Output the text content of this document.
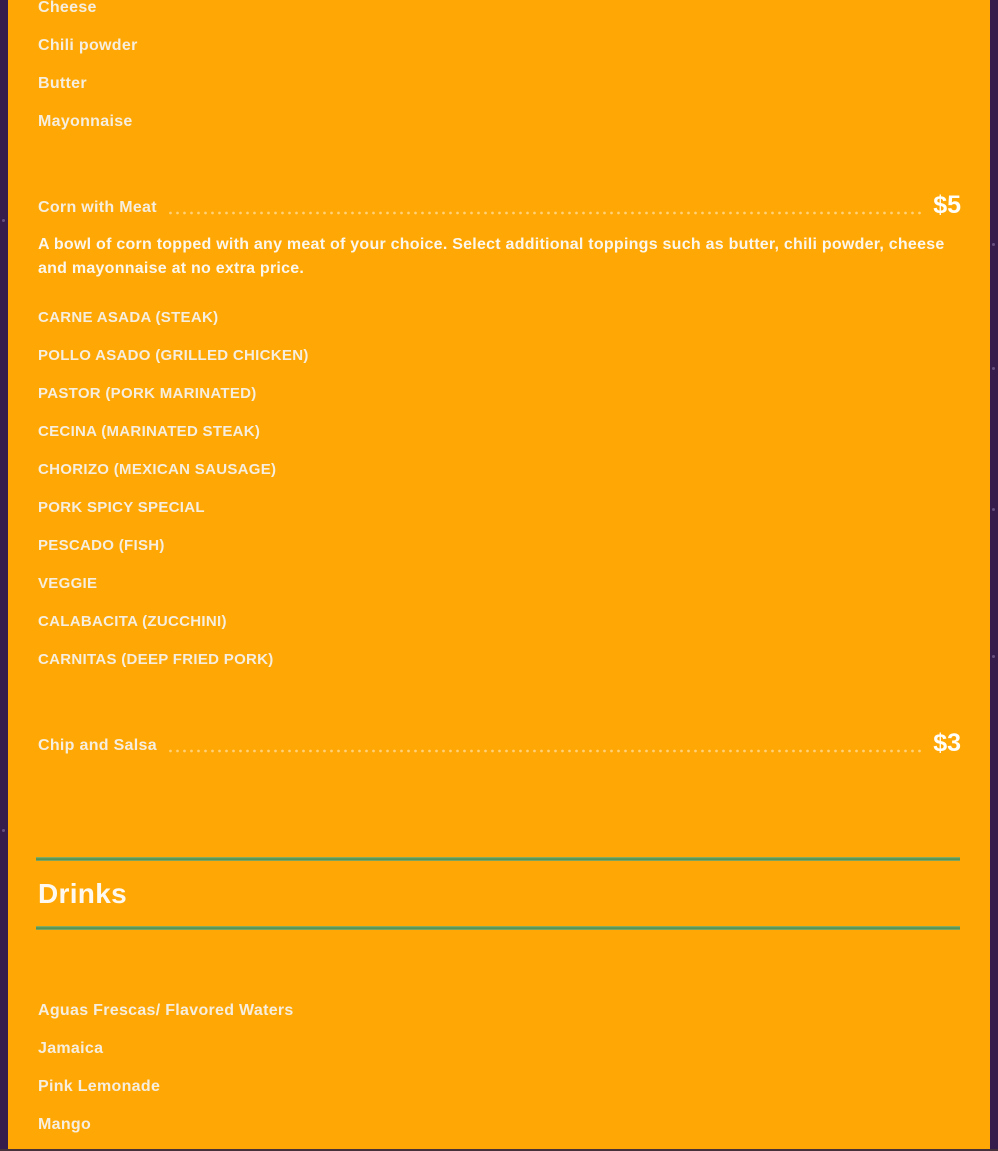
Cheese
Chili powder
Butter
Mayonnaise
Corn with Meat	$5

A bowl of corn topped with any meat of your choice. Select additional toppings such as butter, chili powder, cheese and mayonnaise at no extra price.

CARNE ASADA (STEAK)
POLLO ASADO (GRILLED CHICKEN)
PASTOR (PORK MARINATED)
CECINA (MARINATED STEAK)
CHORIZO (MEXICAN SAUSAGE)
PORK SPICY SPECIAL
PESCADO (FISH)
VEGGIE
CALABACITA (ZUCCHINI)
CARNITAS (DEEP FRIED PORK)
Chip and Salsa	$3
Drinks
Aguas Frescas/ Flavored Waters
Jamaica
Pink Lemonade
Mango
